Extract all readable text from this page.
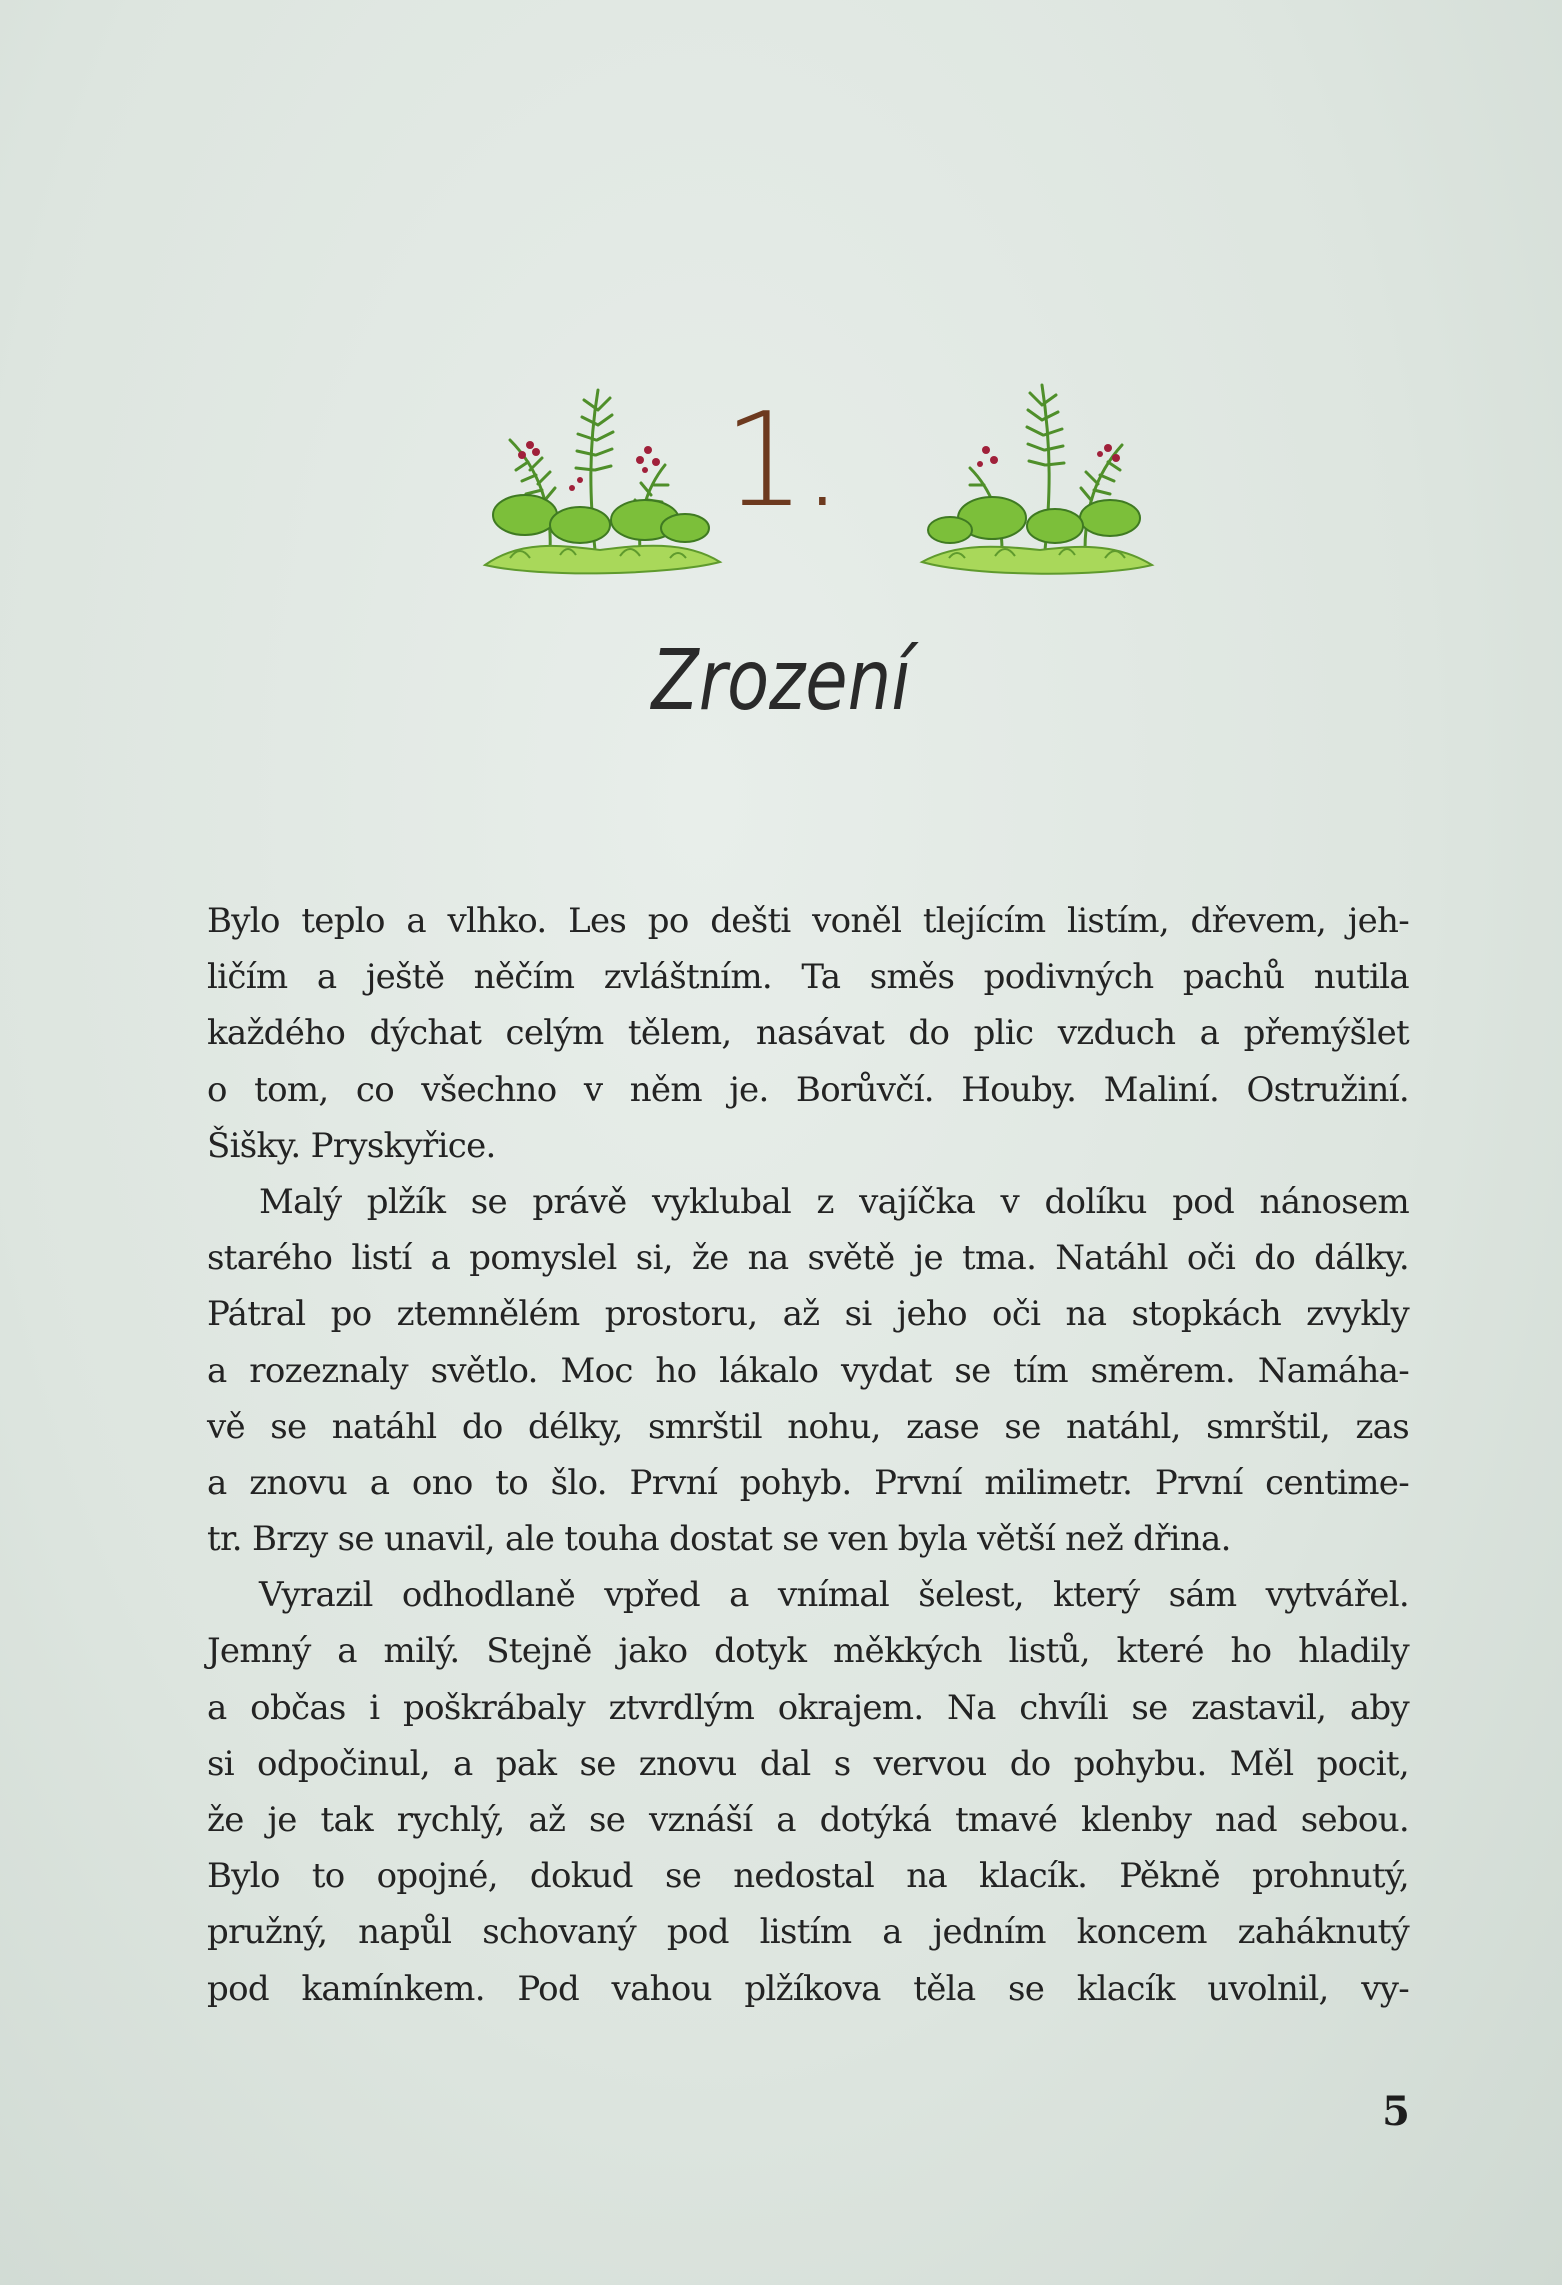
1.
Zrození
Bylo teplo a vlhko. Les po dešti voněl tlejícím listím, dřevem, jeh-
ličím a ještě něčím zvláštním. Ta směs podivných pachů nutila
každého dýchat celým tělem, nasávat do plic vzduch a přemýšlet
o tom, co všechno v něm je. Borůvčí. Houby. Maliní. Ostružiní.
Šišky. Pryskyřice.
Malý plžík se právě vyklubal z vajíčka v dolíku pod nánosem
starého listí a pomyslel si, že na světě je tma. Natáhl oči do dálky.
Pátral po ztemnělém prostoru, až si jeho oči na stopkách zvykly
a rozeznaly světlo. Moc ho lákalo vydat se tím směrem. Namáha-
vě se natáhl do délky, smrštil nohu, zase se natáhl, smrštil, zas
a znovu a ono to šlo. První pohyb. První milimetr. První centime-
tr. Brzy se unavil, ale touha dostat se ven byla větší než dřina.
Vyrazil odhodlaně vpřed a vnímal šelest, který sám vytvářel.
Jemný a milý. Stejně jako dotyk měkkých listů, které ho hladily
a občas i poškrábaly ztvrdlým okrajem. Na chvíli se zastavil, aby
si odpočinul, a pak se znovu dal s vervou do pohybu. Měl pocit,
že je tak rychlý, až se vznáší a dotýká tmavé klenby nad sebou.
Bylo to opojné, dokud se nedostal na klacík. Pěkně prohnutý,
pružný, napůl schovaný pod listím a jedním koncem zaháknutý
pod kamínkem. Pod vahou plžíkova těla se klacík uvolnil, vy-
5
